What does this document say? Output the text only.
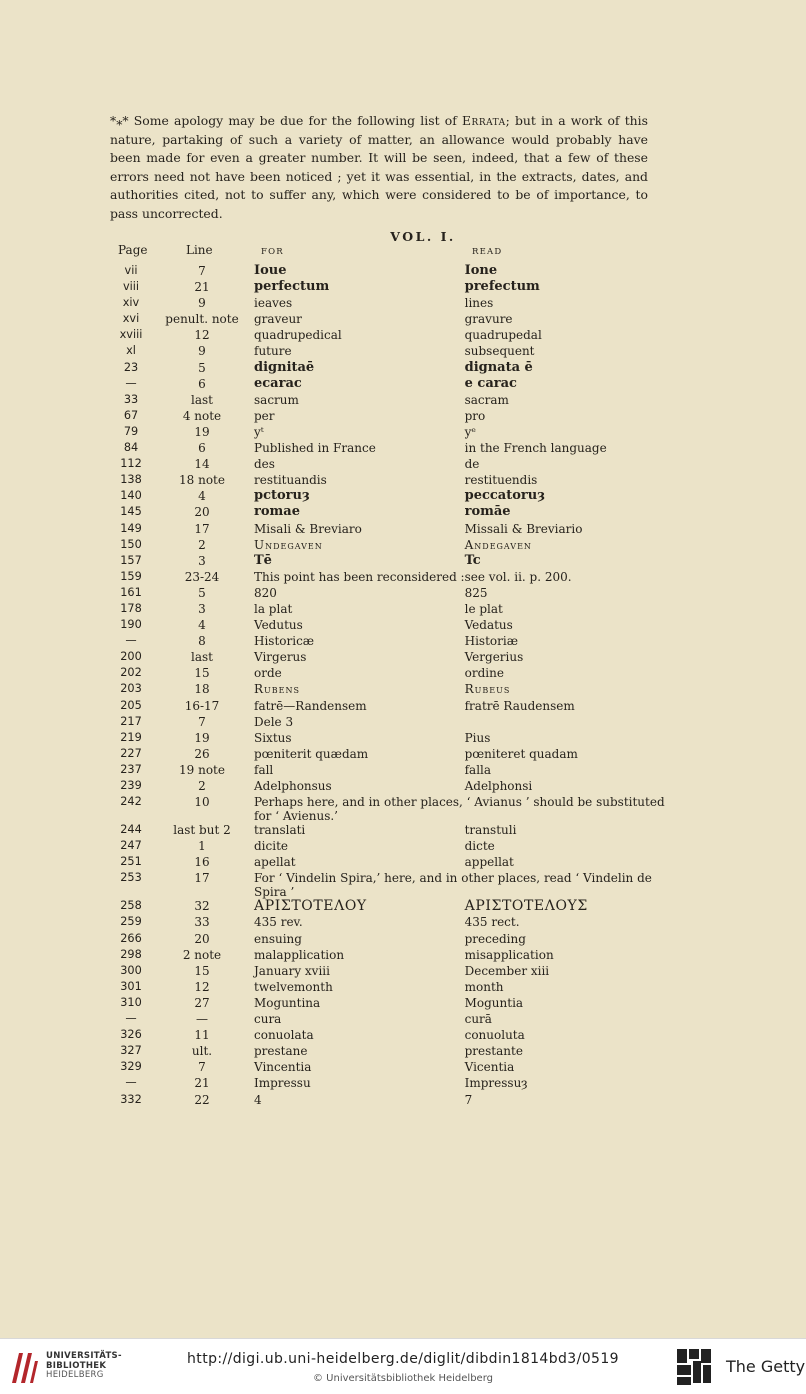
*⁎* Some apology may be due for the following list of Errata; but in a work of this nature, partaking of such a variety of matter, an allowance would probably have been made for even a greater number. It will be seen, indeed, that a few of these errors need not have been noticed ; yet it was essential, in the extracts, dates, and authorities cited, not to suffer any, which were considered to be of importance, to pass uncorrected.

VOL. I.
Page	Line	FOR	READ
vii	7	Ioue	Ione
viii	21	perfectum	prefectum
xiv	9	ieaves	lines
xvi	penult. note	graveur	gravure
xviii	12	quadrupedical	quadrupedal
xl	9	future	subsequent
23	5	dignitaē	dignata ē
—	6	ecarac	e carac
33	last	sacrum	sacram
67	4 note	per	pro
79	19	yᵗ	yᵉ
84	6	Published in France	in the French language
112	14	des	de
138	18 note	restituandis	restituendis
140	4	pctoruȝ	peccatoruȝ
145	20	romae	romāe
149	17	Misali & Breviaro	Missali & Breviario
150	2	Undegaven	Andegaven
157	3	Tē	Tc
159	23-24	This point has been reconsidered :	see vol. ii. p. 200.
161	5	820	825
178	3	la plat	le plat
190	4	Vedutus	Vedatus
—	8	Historicæ	Historiæ
200	last	Virgerus	Vergerius
202	15	orde	ordine
203	18	Rubens	Rubeus
205	16-17	fatrē—Randensem	fratrē Raudensem
217	7	Dele 3	
219	19	Sixtus	Pius
227	26	pœniterit quædam	pœniteret quadam
237	19 note	fall	falla
239	2	Adelphonsus	Adelphonsi
242	10	Perhaps here, and in other places, ‘ Avianus ’ should be substituted for ‘ Avienus.’	
244	last but 2	translati	transtuli
247	1	dicite	dicte
251	16	apellat	appellat
253	17	For ‘ Vindelin Spira,’ here, and in other places, read ‘ Vindelin de Spira ’	
258	32	ΑΡΙΣΤΟΤΕΛΟΥ	ΑΡΙΣΤΟΤΕΛΟΥΣ
259	33	435 rev.	435 rect.
266	20	ensuing	preceding
298	2 note	malapplication	misapplication
300	15	January xviii	December xiii
301	12	twelvemonth	month
310	27	Moguntina	Moguntia
—	—	cura	curā
326	11	conuolata	conuoluta
327	ult.	prestane	prestante
329	7	Vincentia	Vicentia
—	21	Impressu	Impressuȝ
332	22	4	7
UNIVERSITÄTS-
BIBLIOTHEK
HEIDELBERG
http://digi.ub.uni-heidelberg.de/diglit/dibdin1814bd3/0519
© Universitätsbibliothek Heidelberg
The Getty
